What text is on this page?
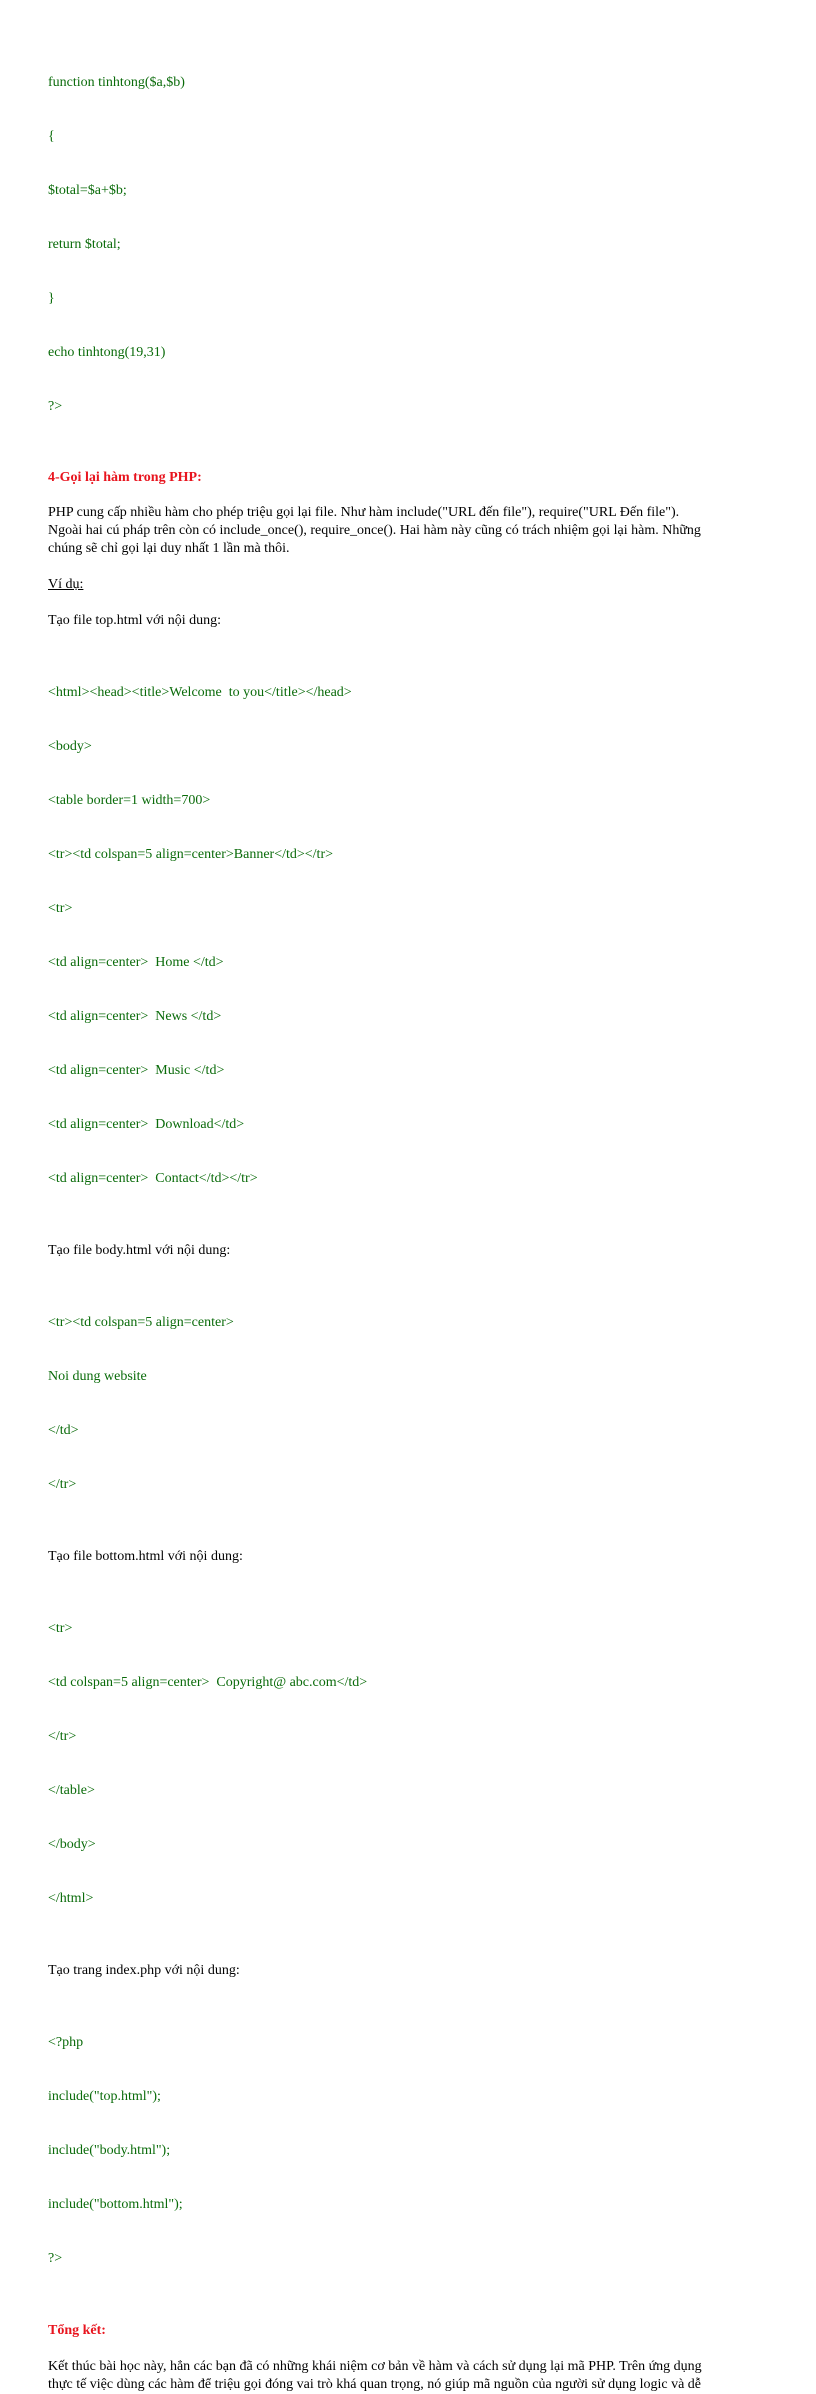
function tinhtong($a,$b)

{

$total=$a+$b;

return $total;

}

echo tinhtong(19,31)

?>

4-Gọi lại hàm trong PHP:
PHP cung cấp nhiều hàm cho phép triệu gọi lại file. Như hàm include("URL đến file"), require("URL Đến file").
Ngoài hai cú pháp trên còn có include_once(), require_once(). Hai hàm này cũng có trách nhiệm gọi lại hàm. Những
chúng sẽ chỉ gọi lại duy nhất 1 lần mà thôi.
Ví dụ:
Tạo file top.html với nội dung:

<html><head><title>Welcome  to you</title></head>

<body>

<table border=1 width=700>

<tr><td colspan=5 align=center>Banner</td></tr>

<tr>

<td align=center>  Home </td>

<td align=center>  News </td>

<td align=center>  Music </td>

<td align=center>  Download</td>

<td align=center>  Contact</td></tr>

Tạo file body.html với nội dung:

<tr><td colspan=5 align=center>

Noi dung website

</td>

</tr>

Tạo file bottom.html với nội dung:

<tr>

<td colspan=5 align=center>  Copyright@ abc.com</td>

</tr>

</table>

</body>

</html>

Tạo trang index.php với nội dung:

<?php

include("top.html");

include("body.html");

include("bottom.html");

?>

Tổng kết:
Kết thúc bài học này, hẳn các bạn đã có những khái niệm cơ bản về hàm và cách sử dụng lại mã PHP. Trên ứng dụng
thực tế việc dùng các hàm để triệu gọi đóng vai trò khá quan trọng, nó giúp mã nguồn của người sử dụng logic và dễ
